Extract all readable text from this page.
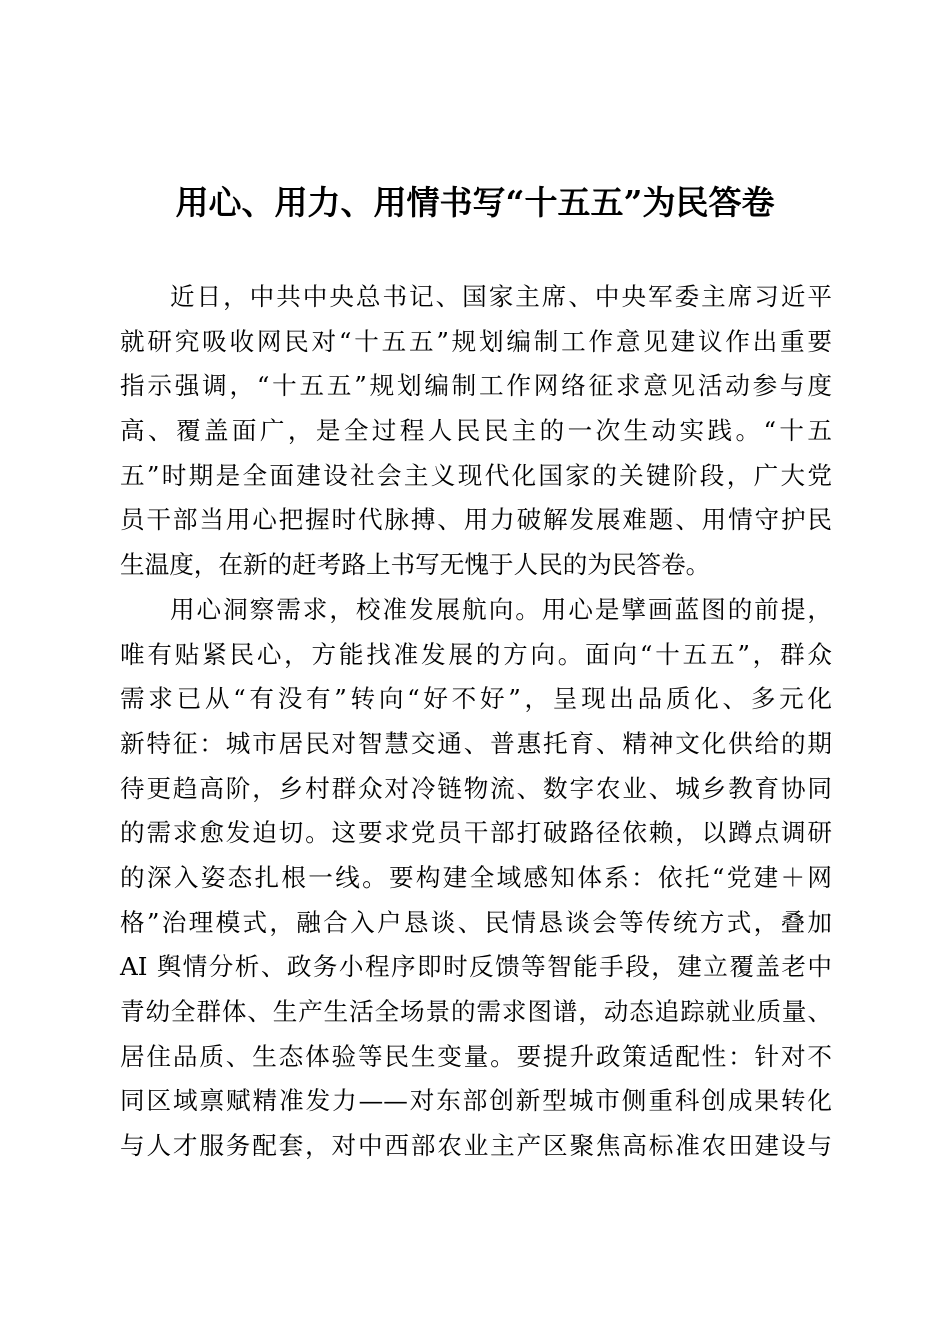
用心、用力、用情书写“十五五”为民答卷
近日，中共中央总书记、国家主席、中央军委主席习近平
就研究吸收网民对“十五五”规划编制工作意见建议作出重要
指示强调，“十五五”规划编制工作网络征求意见活动参与度
高、覆盖面广，是全过程人民民主的一次生动实践。“十五
五”时期是全面建设社会主义现代化国家的关键阶段，广大党
员干部当用心把握时代脉搏、用力破解发展难题、用情守护民
生温度，在新的赶考路上书写无愧于人民的为民答卷。
用心洞察需求，校准发展航向。用心是擘画蓝图的前提，
唯有贴紧民心，方能找准发展的方向。面向“十五五”，群众
需求已从“有没有”转向“好不好”，呈现出品质化、多元化
新特征：城市居民对智慧交通、普惠托育、精神文化供给的期
待更趋高阶，乡村群众对冷链物流、数字农业、城乡教育协同
的需求愈发迫切。这要求党员干部打破路径依赖，以蹲点调研
的深入姿态扎根一线。要构建全域感知体系：依托“党建＋网
格”治理模式，融合入户恳谈、民情恳谈会等传统方式，叠加
AI 舆情分析、政务小程序即时反馈等智能手段，建立覆盖老中
青幼全群体、生产生活全场景的需求图谱，动态追踪就业质量、
居住品质、生态体验等民生变量。要提升政策适配性：针对不
同区域禀赋精准发力——对东部创新型城市侧重科创成果转化
与人才服务配套，对中西部农业主产区聚焦高标准农田建设与
